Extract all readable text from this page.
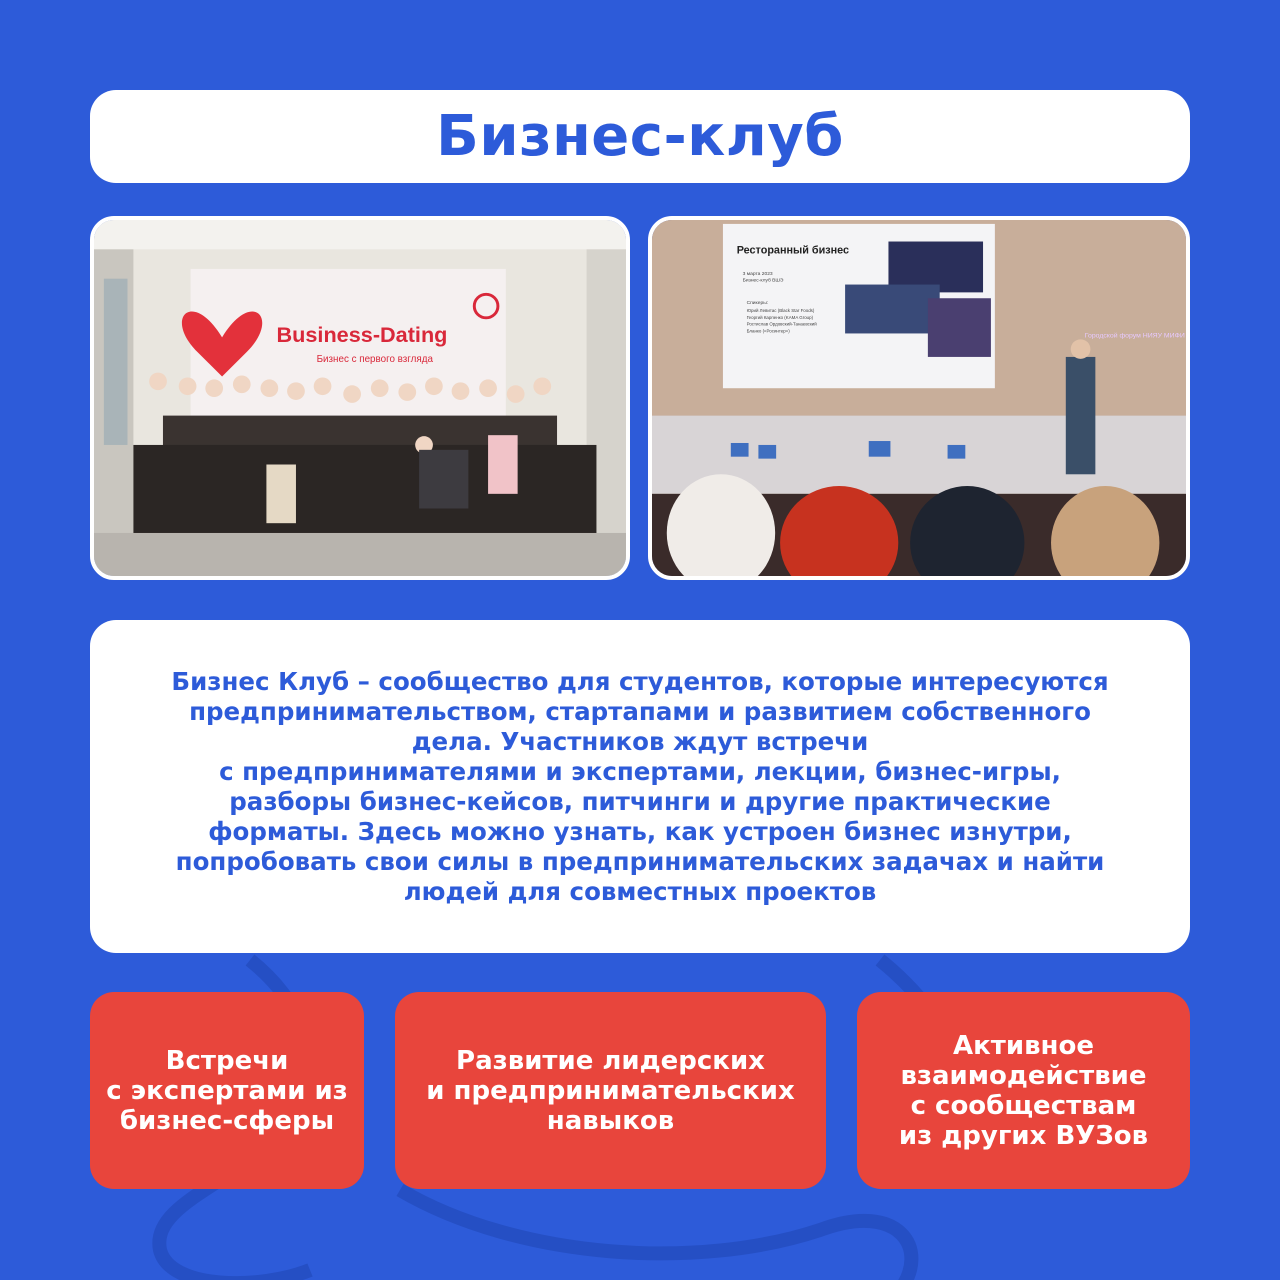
Бизнес-клуб
Business-Dating
Бизнес с первого взгляда
Ресторанный бизнес
3 марта 2023
Бизнес-клуб ВШЭ
Спикеры:
Юрий Левитас (Black Star Foods)
Георгий Карпенко (KAMA Group)
Ростислав Ордовский-Танаевский
Бланко («Росинтер»)
Городской форум НИЯУ МИФИ

Бизнес Клуб – сообщество для студентов, которые интересуются
предпринимательством, стартапами и развитием собственного
дела. Участников ждут встречи
с предпринимателями и экспертами, лекции, бизнес-игры,
разборы бизнес-кейсов, питчинги и другие практические
форматы. Здесь можно узнать, как устроен бизнес изнутри,
попробовать свои силы в предпринимательских задачах и найти
людей для совместных проектов

Встречи
с экспертами из
бизнес-сферы
Развитие лидерских
и предпринимательских
навыков
Активное
взаимодействие
с сообществам
из других ВУЗов
